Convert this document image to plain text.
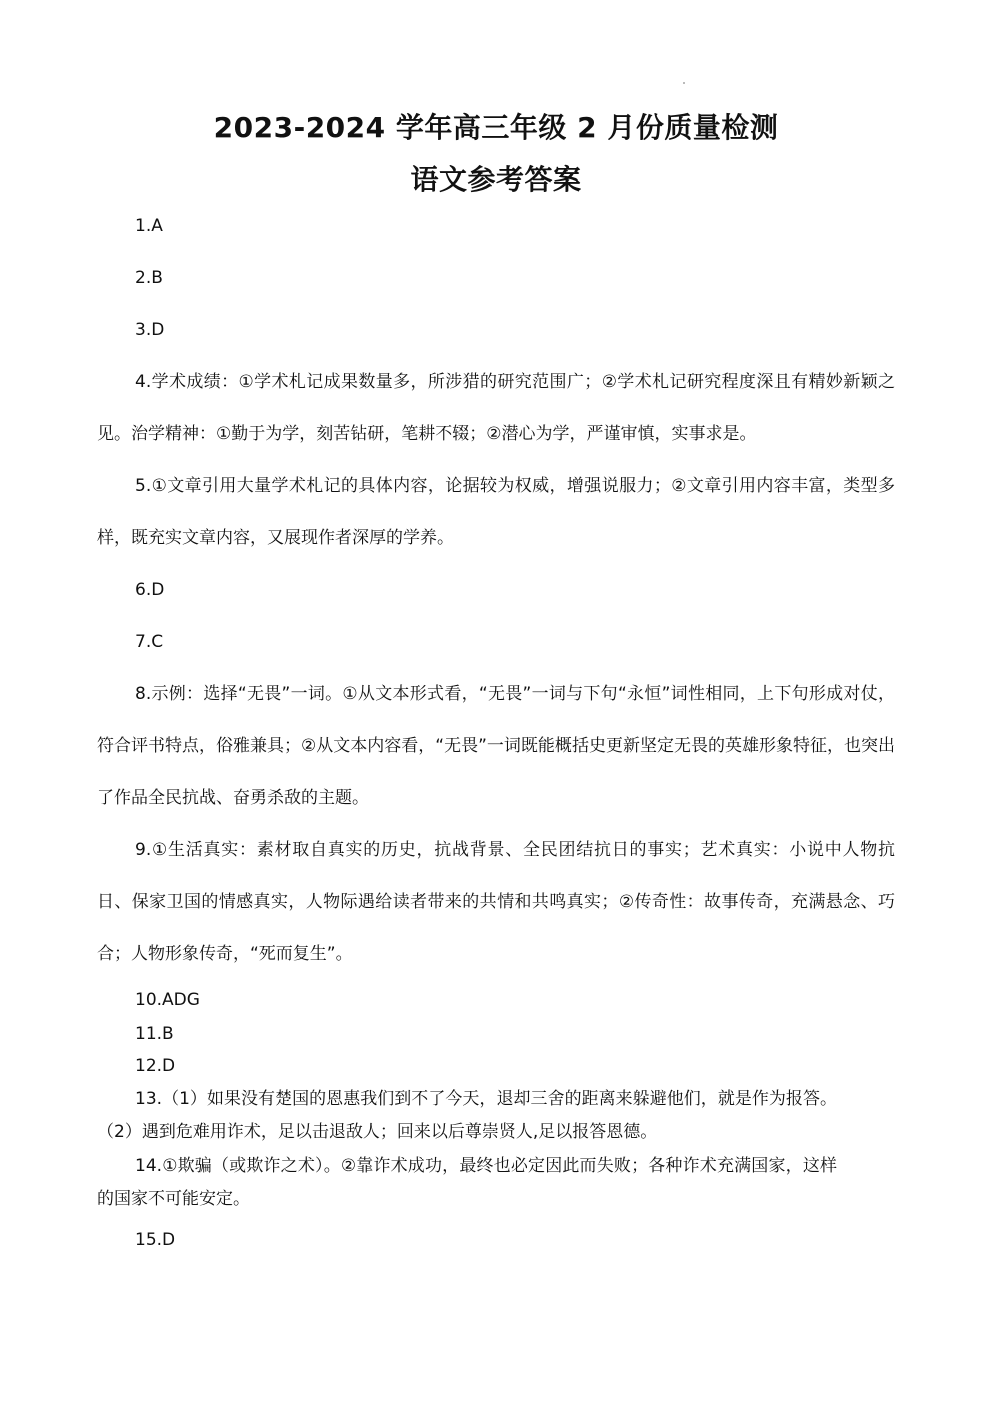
2023-2024 学年高三年级 2 月份质量检测
语文参考答案

1.A

2.B

3.D

4.学术成绩：①学术札记成果数量多，所涉猎的研究范围广；②学术札记研究程度深且有精妙新颖之见。治学精神：①勤于为学，刻苦钻研，笔耕不辍；②潜心为学，严谨审慎，实事求是。

5.①文章引用大量学术札记的具体内容，论据较为权威，增强说服力；②文章引用内容丰富，类型多样，既充实文章内容，又展现作者深厚的学养。

6.D

7.C

8.示例：选择“无畏”一词。①从文本形式看，“无畏”一词与下句“永恒”词性相同，上下句形成对仗，符合评书特点，俗雅兼具；②从文本内容看，“无畏”一词既能概括史更新坚定无畏的英雄形象特征，也突出了作品全民抗战、奋勇杀敌的主题。

9.①生活真实：素材取自真实的历史，抗战背景、全民团结抗日的事实；艺术真实：小说中人物抗日、保家卫国的情感真实，人物际遇给读者带来的共情和共鸣真实；②传奇性：故事传奇，充满悬念、巧合；人物形象传奇，“死而复生”。

10.ADG

11.B

12.D

13.（1）如果没有楚国的恩惠我们到不了今天，退却三舍的距离来躲避他们，就是作为报答。（2）遇到危难用诈术，足以击退敌人；回来以后尊崇贤人,足以报答恩德。

14.①欺骗（或欺诈之术）。②靠诈术成功，最终也必定因此而失败；各种诈术充满国家，这样的国家不可能安定。

15.D
